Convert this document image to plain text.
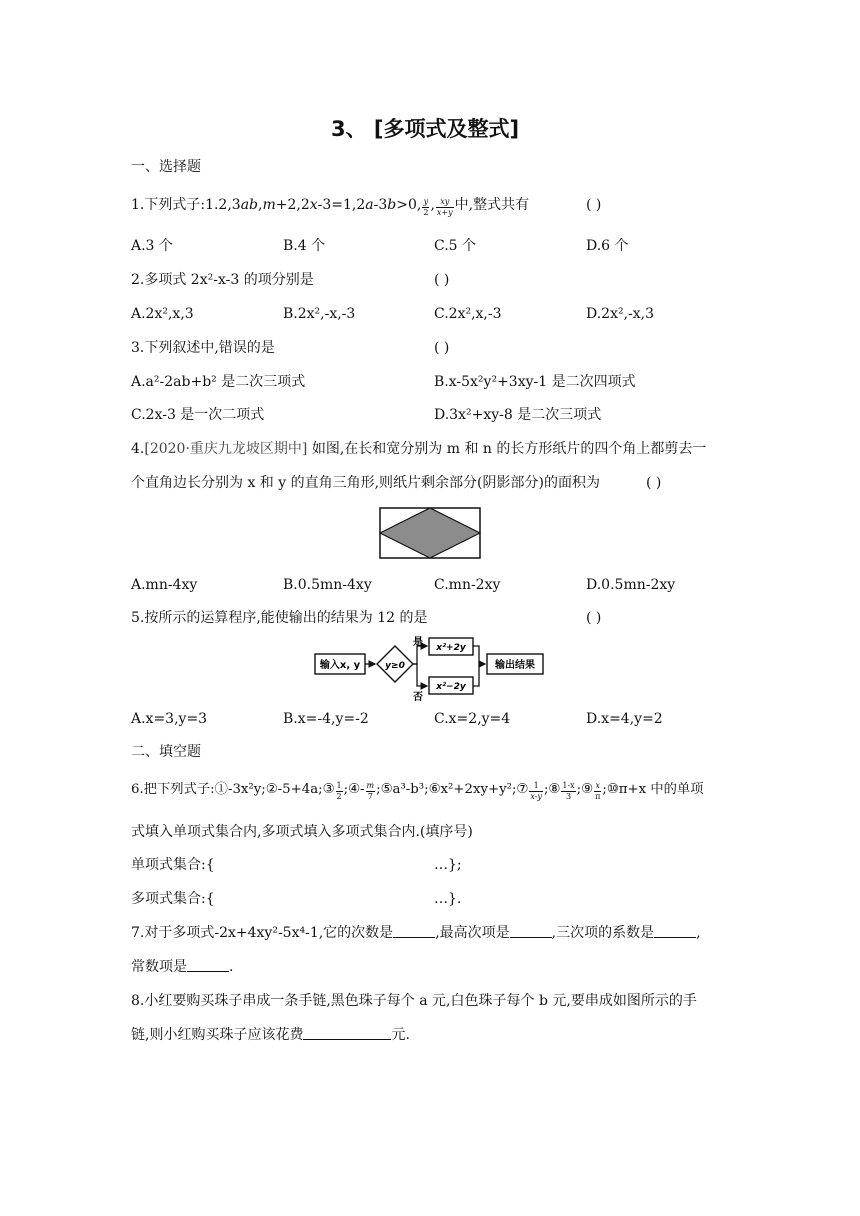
3、 [多项式及整式]
一、选择题
1.下列式子:1.2,3ab,m+2,2x-3=1,2a-3b>0, $\frac{y}{2}$ , $\frac{xy}{x+y}$ 中,整式共有	( )
A.3 个	B.4 个	C.5 个	D.6 个
2.多项式 2x²-x-3 的项分别是	( )
A.2x²,x,3	B.2x²,-x,-3	C.2x²,x,-3	D.2x²,-x,3
3.下列叙述中,错误的是	( )
A.a²-2ab+b² 是二次三项式	B.x-5x²y²+3xy-1 是二次四项式
C.2x-3 是一次二项式	D.3x²+xy-8 是二次三项式
4.[2020·重庆九龙坡区期中] 如图,在长和宽分别为 m 和 n 的长方形纸片的四个角上都剪去一
个直角边长分别为 x 和 y 的直角三角形,则纸片剩余部分(阴影部分)的面积为	( )
A.mn-4xy	B.0.5mn-4xy	C.mn-2xy	D.0.5mn-2xy
5.按所示的运算程序,能使输出的结果为 12 的是	( )
输入x, y	y≥0
是
否
x²+2y
x²−2y
输出结果
A.x=3,y=3	B.x=-4,y=-2	C.x=2,y=4	D.x=4,y=2
二、填空题
6.把下列式子:①-3x²y;②-5+4a;③ $\frac{1}{2}$ ;④- $\frac{m}{7}$ ;⑤a³-b³;⑥x²+2xy+y²;⑦ $\frac{1}{x-y}$ ;⑧ $\frac{1-x}{3}$ ;⑨ $\frac{x}{\pi}$ ;⑩π+x 中的单项
式填入单项式集合内,多项式填入多项式集合内.(填序号)
单项式集合:{	…};
多项式集合:{	…}.
7.对于多项式-2x+4xy²-5x⁴-1,它的次数是	,最高次项是	,三次项的系数是	,
常数项是	.
8.小红要购买珠子串成一条手链,黑色珠子每个 a 元,白色珠子每个 b 元,要串成如图所示的手
链,则小红购买珠子应该花费	元.
